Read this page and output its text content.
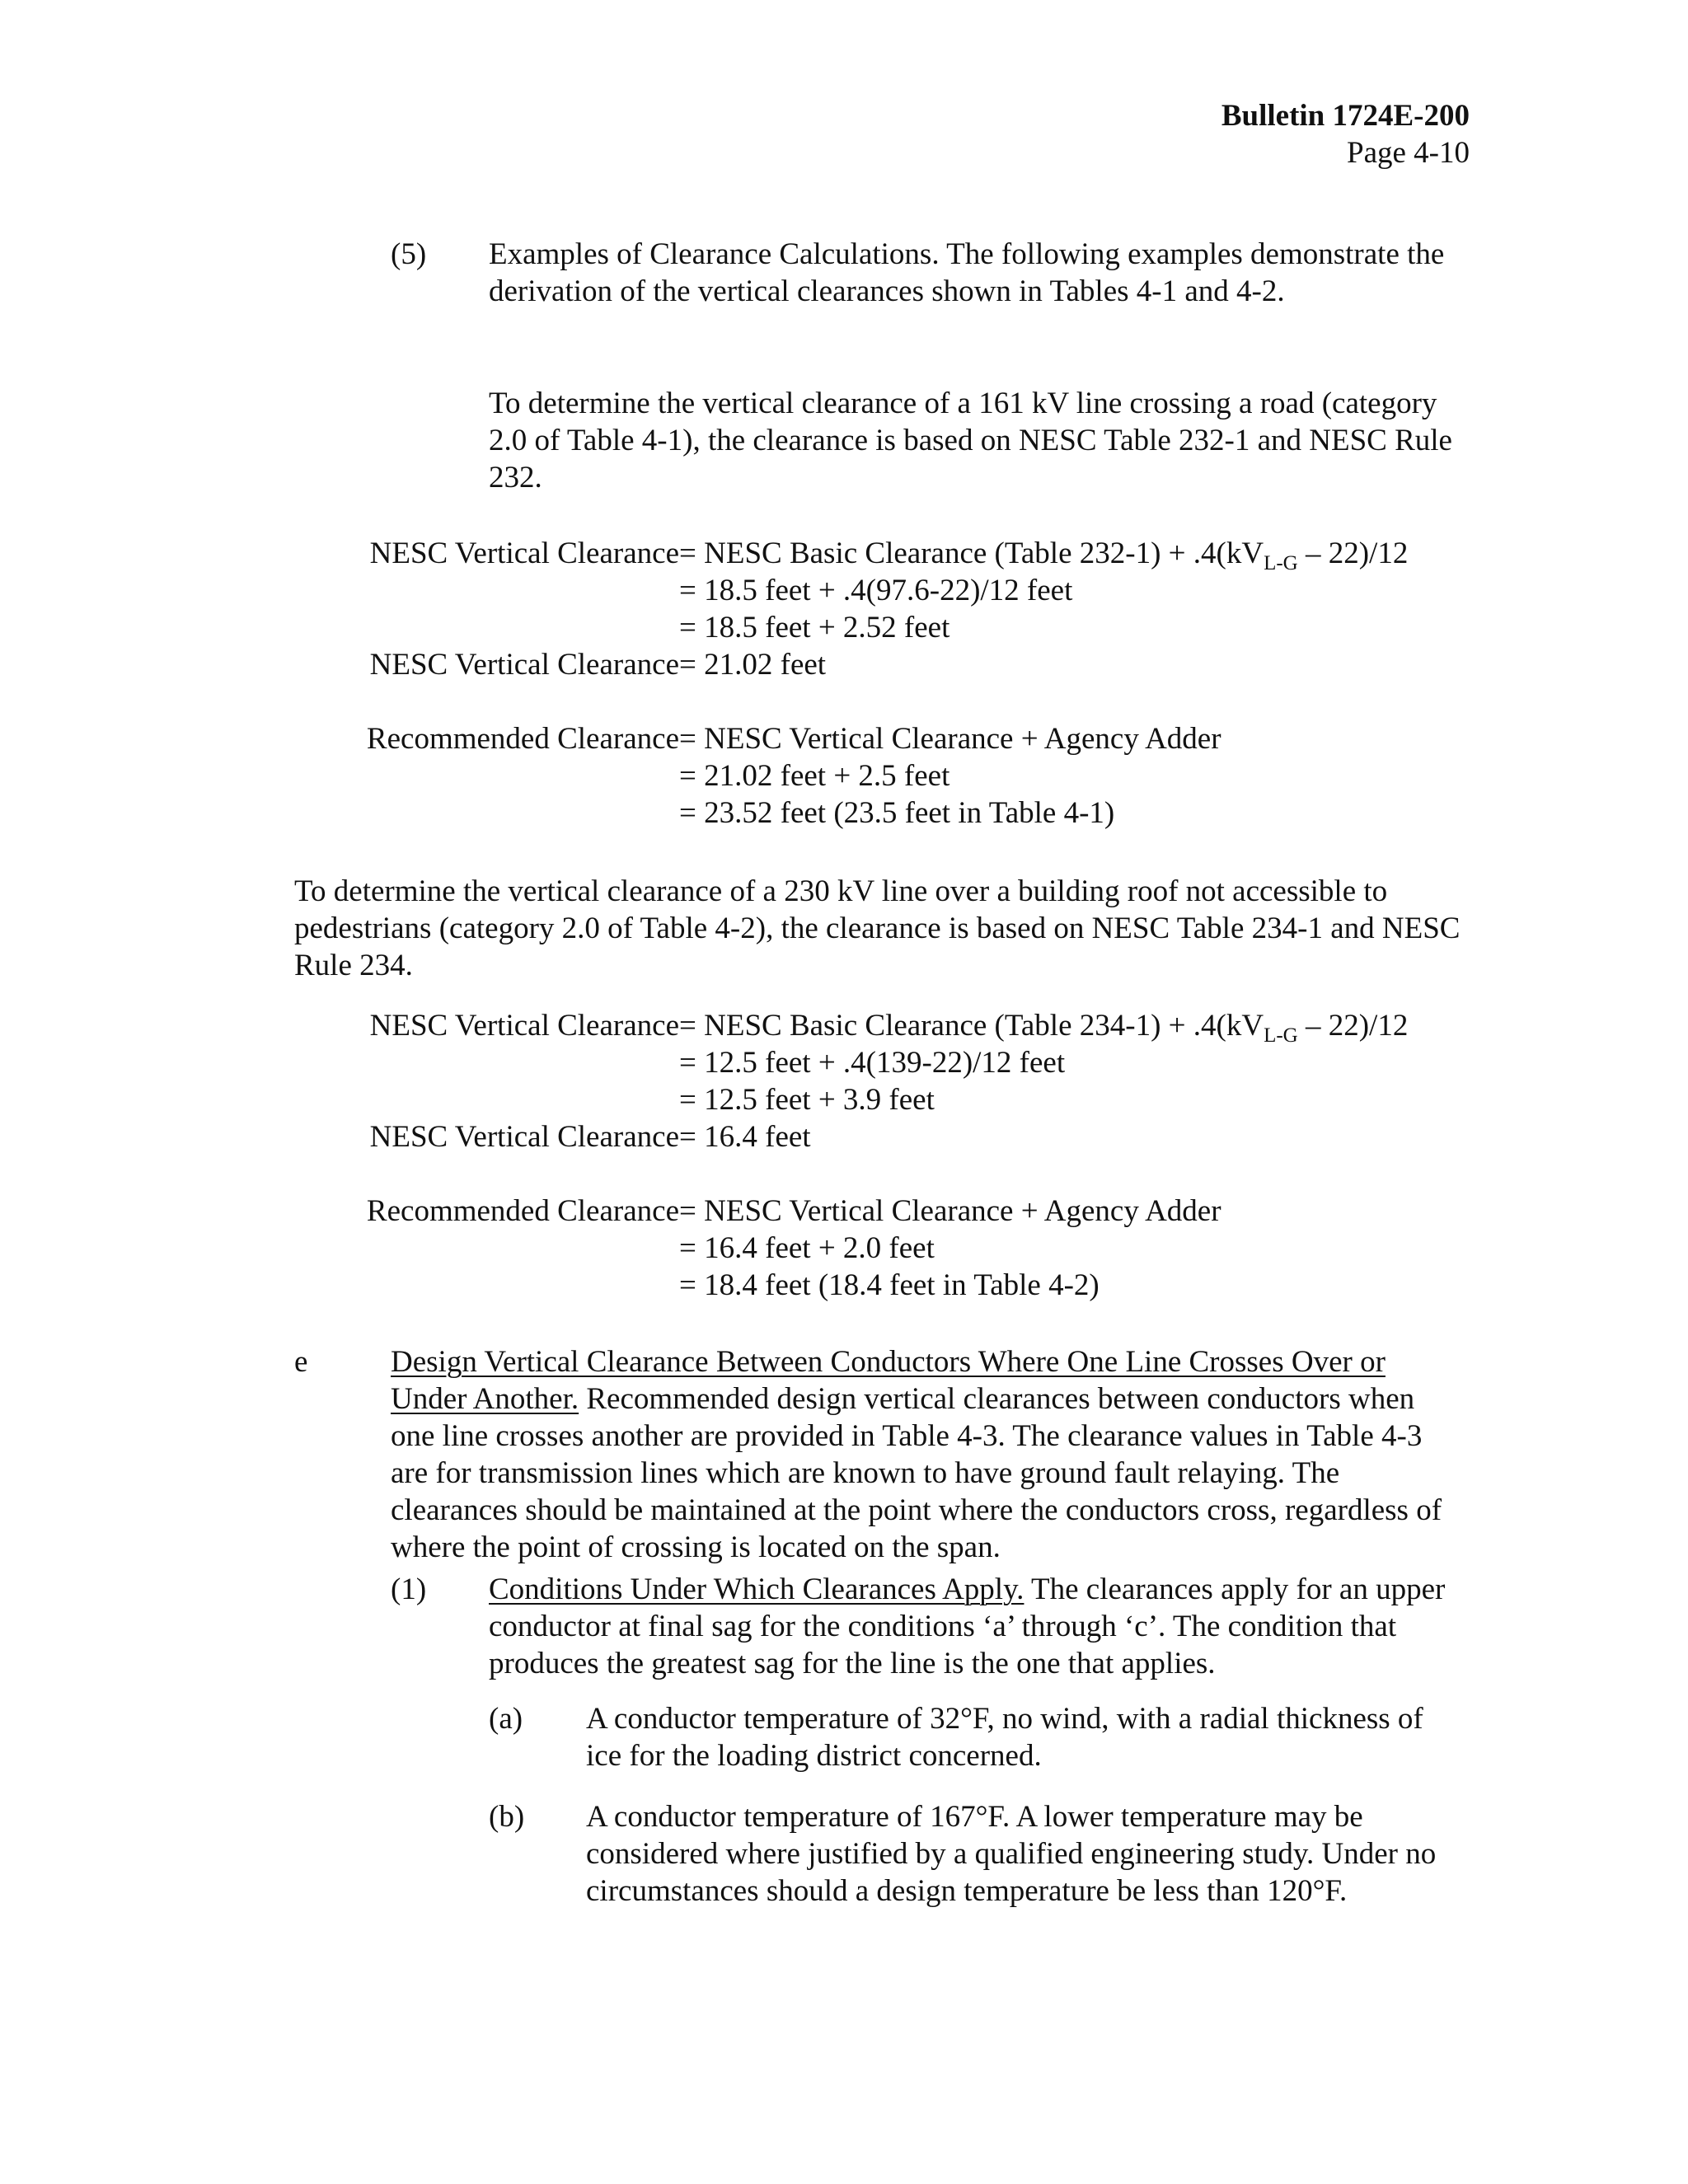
Bulletin 1724E-200
Page 4-10
(5) Examples of Clearance Calculations. The following examples demonstrate the derivation of the vertical clearances shown in Tables 4-1 and 4-2.
To determine the vertical clearance of a 161 kV line crossing a road (category 2.0 of Table 4-1), the clearance is based on NESC Table 232-1 and NESC Rule 232.
NESC Vertical Clearance = NESC Basic Clearance (Table $232-1) + .4(kV_{L-G} - 22)/12$
= 18.5 feet + .4(97.6-22)/12 feet
= 18.5 feet + 2.52 feet
NESC Vertical Clearance = 21.02 feet
Recommended Clearance = NESC Vertical Clearance + Agency Adder
= 21.02 feet + 2.5 feet
= 23.52 feet (23.5 feet in Table 4-1)
To determine the vertical clearance of a 230 kV line over a building roof not accessible to pedestrians (category 2.0 of Table 4-2), the clearance is based on NESC Table 234-1 and NESC Rule 234.
NESC Vertical Clearance = NESC Basic Clearance (Table $234-1) + .4(kV_{L-G} - 22)/12$
= 12.5 feet + .4(139-22)/12 feet
= 12.5 feet + 3.9 feet
NESC Vertical Clearance = 16.4 feet
Recommended Clearance = NESC Vertical Clearance + Agency Adder
= 16.4 feet + 2.0 feet
= 18.4 feet (18.4 feet in Table 4-2)
e	Design Vertical Clearance Between Conductors Where One Line Crosses Over or Under Another. Recommended design vertical clearances between conductors when one line crosses another are provided in Table 4-3. The clearance values in Table 4-3 are for transmission lines which are known to have ground fault relaying. The clearances should be maintained at the point where the conductors cross, regardless of where the point of crossing is located on the span.
(1) Conditions Under Which Clearances Apply. The clearances apply for an upper conductor at final sag for the conditions ‘a’ through ‘c’. The condition that produces the greatest sag for the line is the one that applies.
(a) A conductor temperature of 32°F, no wind, with a radial thickness of ice for the loading district concerned.
(b) A conductor temperature of 167°F. A lower temperature may be considered where justified by a qualified engineering study. Under no circumstances should a design temperature be less than 120°F.
